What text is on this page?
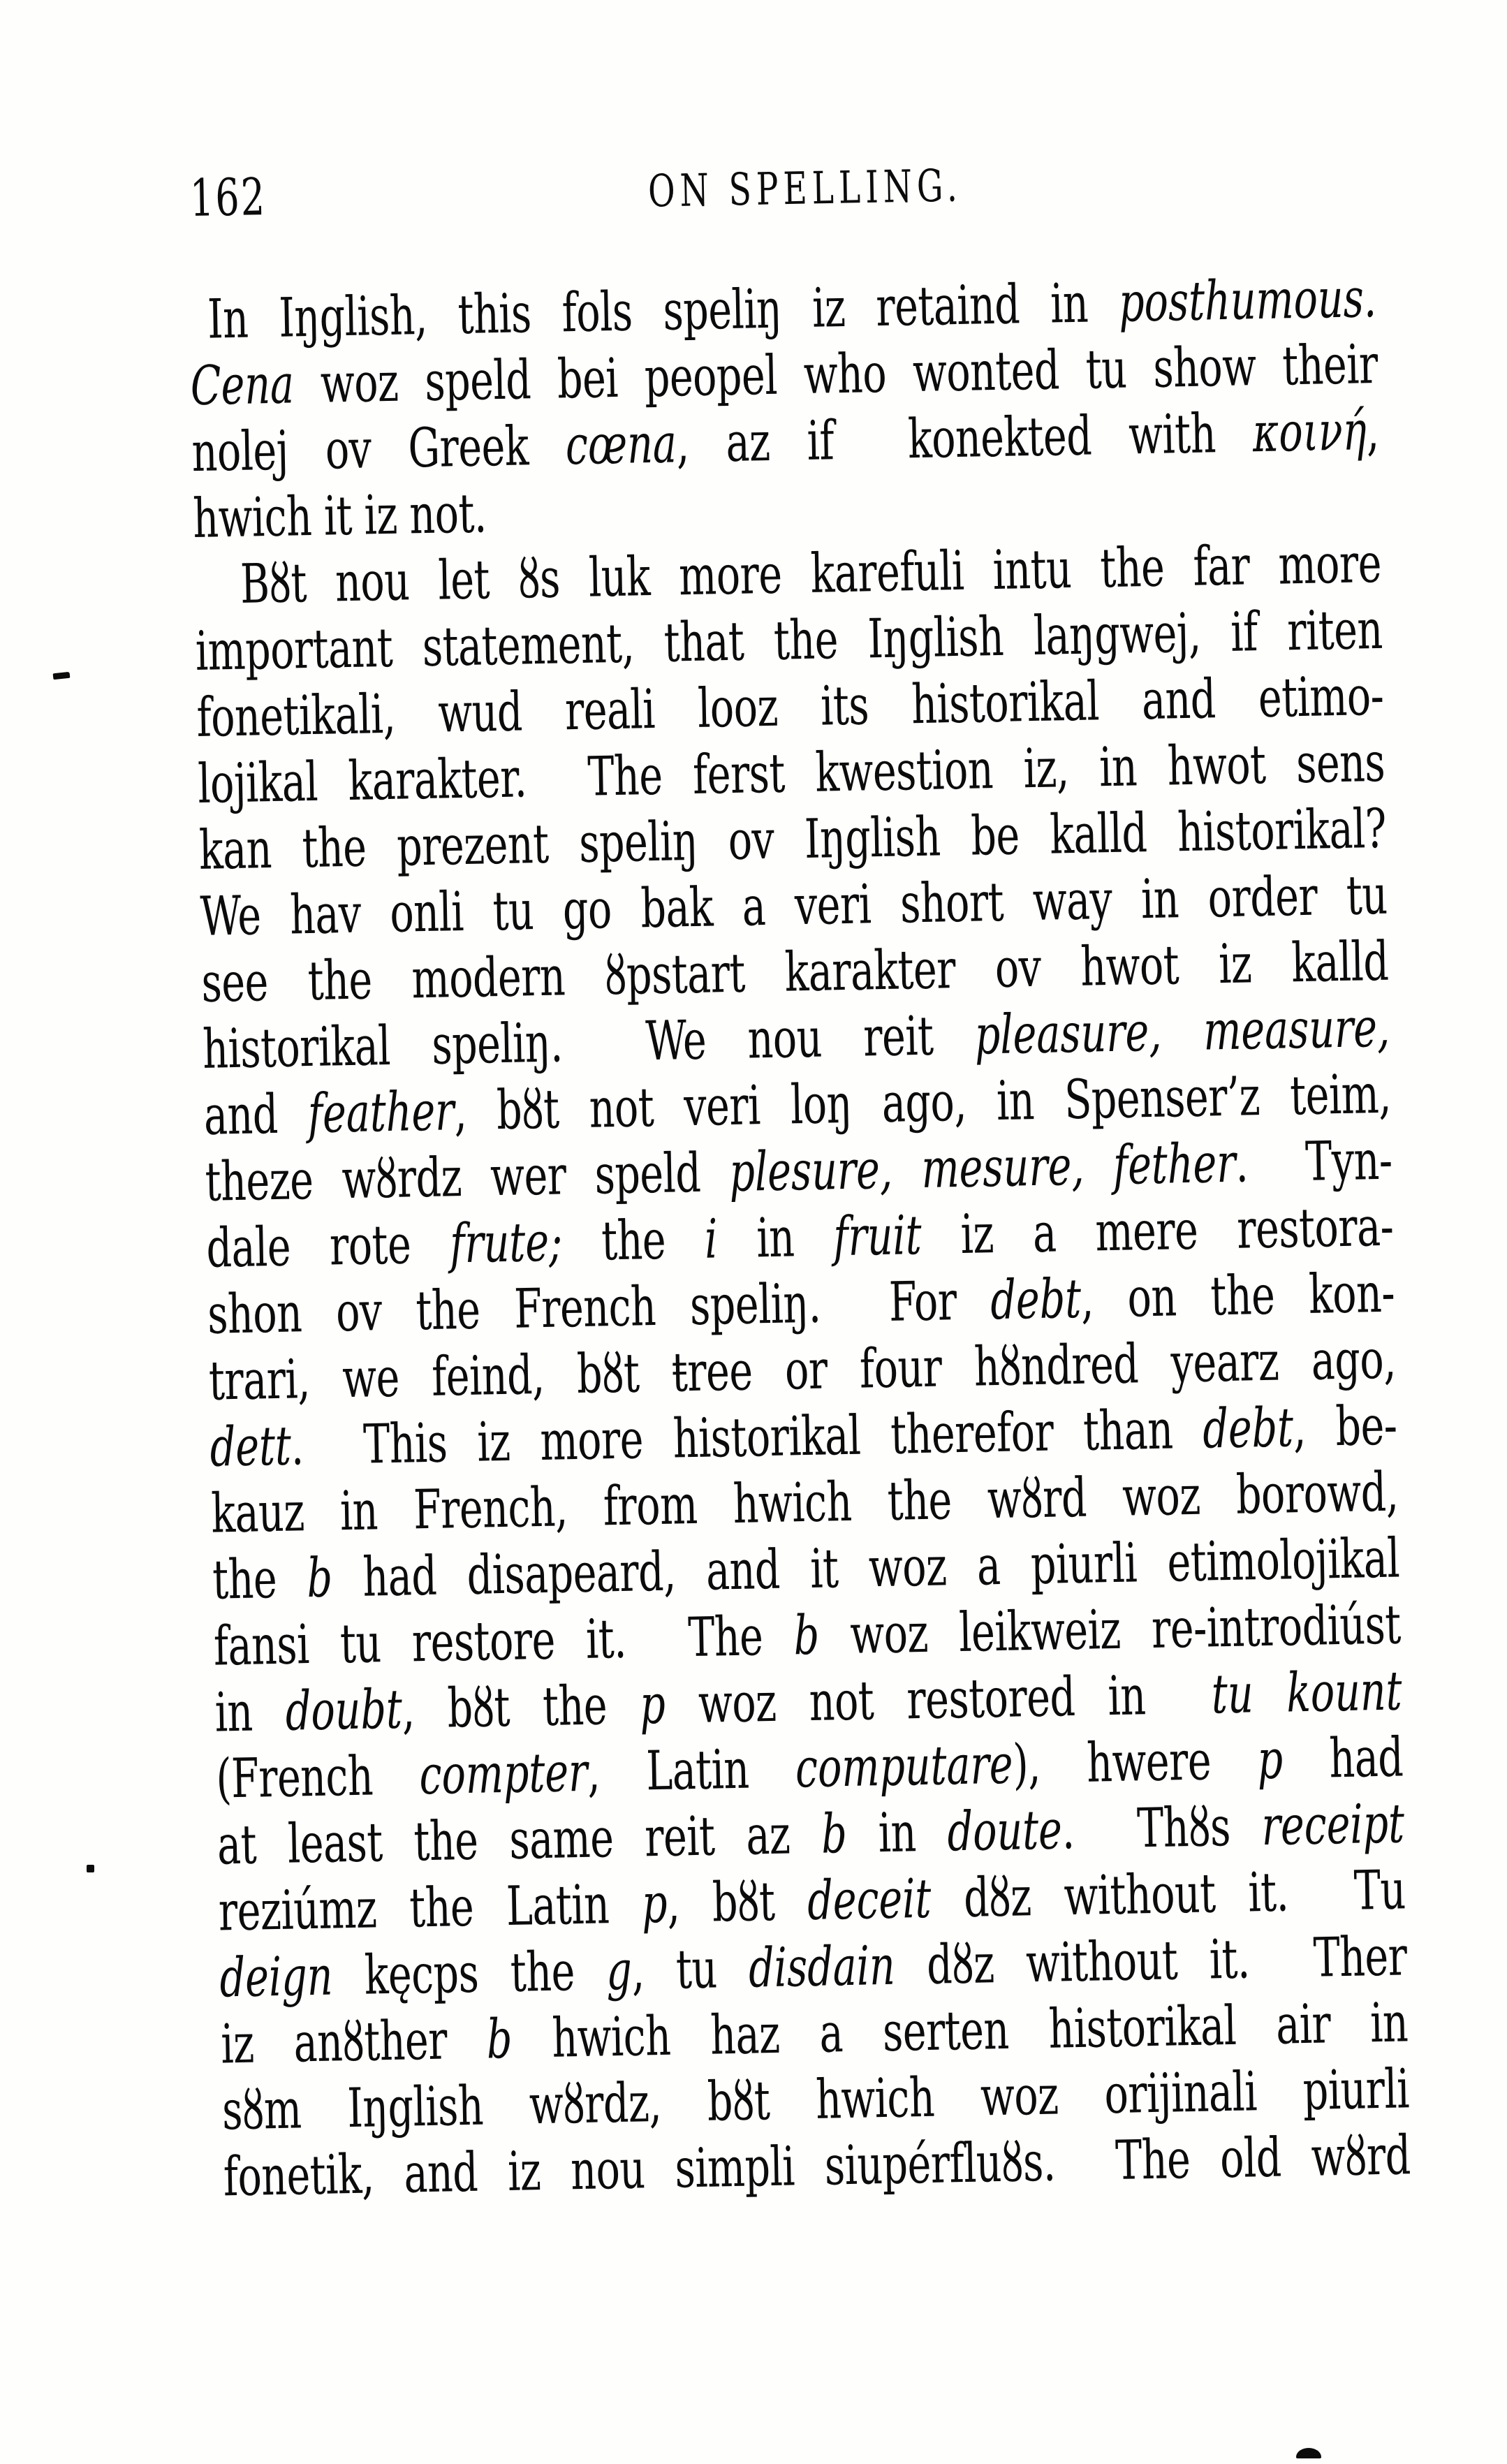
162	ON SPELLING.
In Iŋglish, this fols speliŋ iz retaind in posthumous.
Cena woz speld bei peopel who wonted tu show their
nolej ov Greek cœna, az if  konekted with κοινή,
hwich it iz not.
Bȣt nou let ȣs luk more karefuli intu the far more
important statement, that the Iŋglish laŋgwej, if riten
fonetikali, wud reali looz its historikal and etimo-
lojikal karakter.  The ferst kwestion iz, in hwot sens
kan the prezent speliŋ ov Iŋglish be kalld historikal?
We hav onli tu go bak a veri short way in order tu
see the modern ȣpstart karakter ov hwot iz kalld
historikal speliŋ.  We nou reit pleasure, measure,
and feather, bȣt not veri loŋ ago, in Spenser’z teim,
theze wȣrdz wer speld plesure, mesure, fether.  Tyn-
dale rote frute; the i in fruit iz a mere restora-
shon ov the French speliŋ.  For debt, on the kon-
trari, we feind, bȣt ŧree or four hȣndred yearz ago,
dett.  This iz more historikal therefor than debt, be-
kauz in French, from hwich the wȣrd woz borowd,
the b had disapeard, and it woz a piurli etimolojikal
fansi tu restore it.  The b woz leikweiz re-introdiúst
in doubt, bȣt the p woz not restored in  tu kount
(French compter, Latin computare), hwere p had
at least the same reit az b in doute.  Thȣs receipt
reziúmz the Latin p, bȣt deceit dȣz without it.  Tu
deign kęcps the g, tu disdain dȣz without it.  Ther
iz anȣther b hwich haz a serten historikal air in
sȣm Iŋglish wȣrdz, bȣt hwich woz orijinali piurli
fonetik, and iz nou simpli siupérfluȣs.  The old wȣrd
